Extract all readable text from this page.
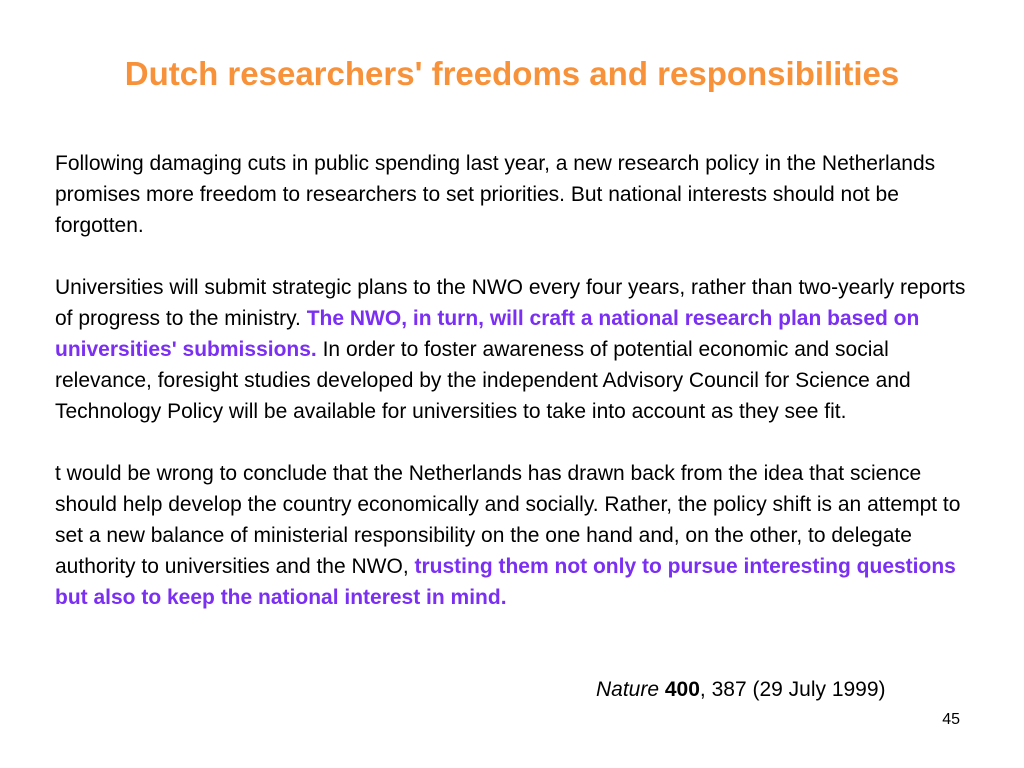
Dutch researchers' freedoms and responsibilities

Following damaging cuts in public spending last year, a new research policy in the Netherlands promises more freedom to researchers to set priorities. But national interests should not be forgotten.

Universities will submit strategic plans to the NWO every four years, rather than two-yearly reports of progress to the ministry. The NWO, in turn, will craft a national research plan based on universities' submissions. In order to foster awareness of potential economic and social relevance, foresight studies developed by the independent Advisory Council for Science and Technology Policy will be available for universities to take into account as they see fit.

t would be wrong to conclude that the Netherlands has drawn back from the idea that science should help develop the country economically and socially. Rather, the policy shift is an attempt to set a new balance of ministerial responsibility on the one hand and, on the other, to delegate authority to universities and the NWO, trusting them not only to pursue interesting questions but also to keep the national interest in mind.

Nature 400, 387 (29 July 1999)
45
